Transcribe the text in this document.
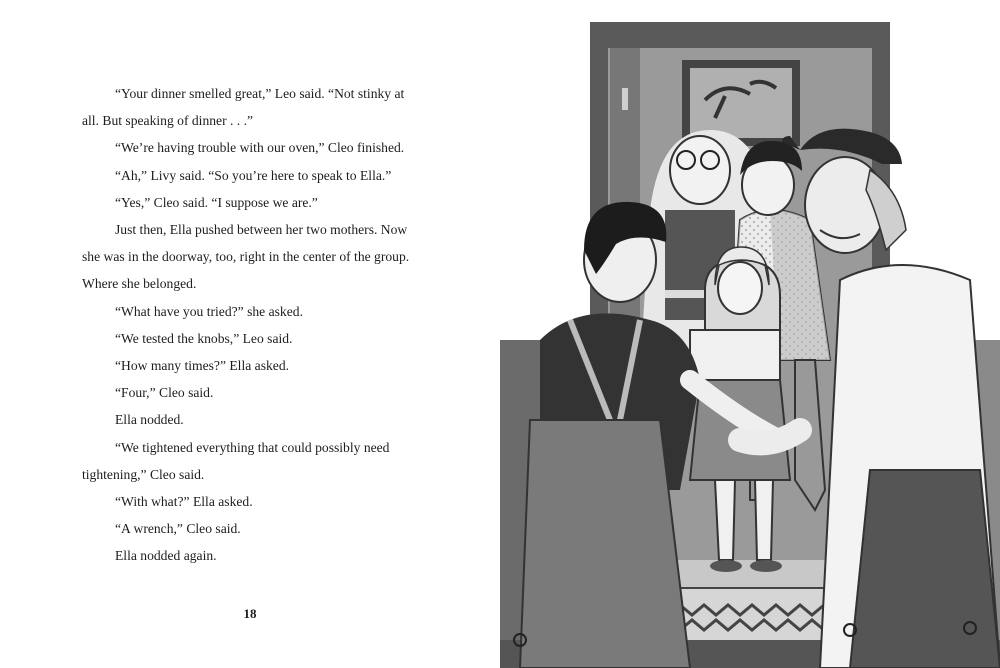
“Your dinner smelled great,” Leo said. “Not stinky at all. But speaking of dinner . . .”

“We’re having trouble with our oven,” Cleo finished.

“Ah,” Livy said. “So you’re here to speak to Ella.”

“Yes,” Cleo said. “I suppose we are.”

Just then, Ella pushed between her two mothers. Now she was in the doorway, too, right in the center of the group. Where she belonged.

“What have you tried?” she asked.

“We tested the knobs,” Leo said.

“How many times?” Ella asked.

“Four,” Cleo said.

Ella nodded.

“We tightened everything that could possibly need tightening,” Cleo said.

“With what?” Ella asked.

“A wrench,” Cleo said.

Ella nodded again.

18
